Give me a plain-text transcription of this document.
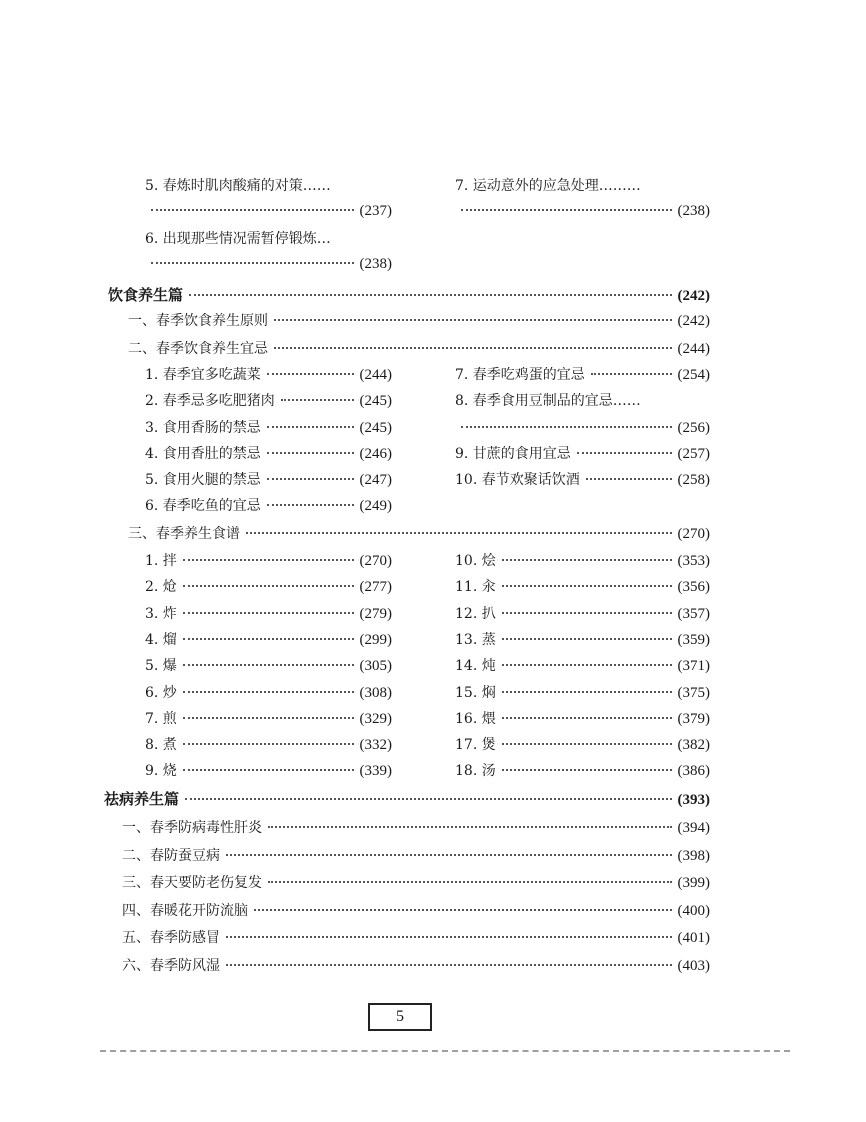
5. 春炼时肌肉酸痛的对策……
(237)
6. 出现那些情况需暂停锻炼…
(238)
7. 运动意外的应急处理………
(238)
饮食养生篇	(242)
一、春季饮食养生原则	(242)
二、春季饮食养生宜忌	(244)
1. 春季宜多吃蔬菜	(244)
2. 春季忌多吃肥猪肉	(245)
3. 食用香肠的禁忌	(245)
4. 食用香肚的禁忌	(246)
5. 食用火腿的禁忌	(247)
6. 春季吃鱼的宜忌	(249)
7. 春季吃鸡蛋的宜忌	(254)
8. 春季食用豆制品的宜忌……
(256)
9. 甘蔗的食用宜忌	(257)
10. 春节欢聚话饮酒	(258)
三、春季养生食谱	(270)
1. 拌	(270)	10. 烩	(353)
2. 炝	(277)	11. 汆	(356)
3. 炸	(279)	12. 扒	(357)
4. 熘	(299)	13. 蒸	(359)
5. 爆	(305)	14. 炖	(371)
6. 炒	(308)	15. 焖	(375)
7. 煎	(329)	16. 煨	(379)
8. 煮	(332)	17. 煲	(382)
9. 烧	(339)	18. 汤	(386)
祛病养生篇	(393)
一、春季防病毒性肝炎	(394)
二、春防蚕豆病	(398)
三、春天要防老伤复发	(399)
四、春暖花开防流脑	(400)
五、春季防感冒	(401)
六、春季防风湿	(403)
5
